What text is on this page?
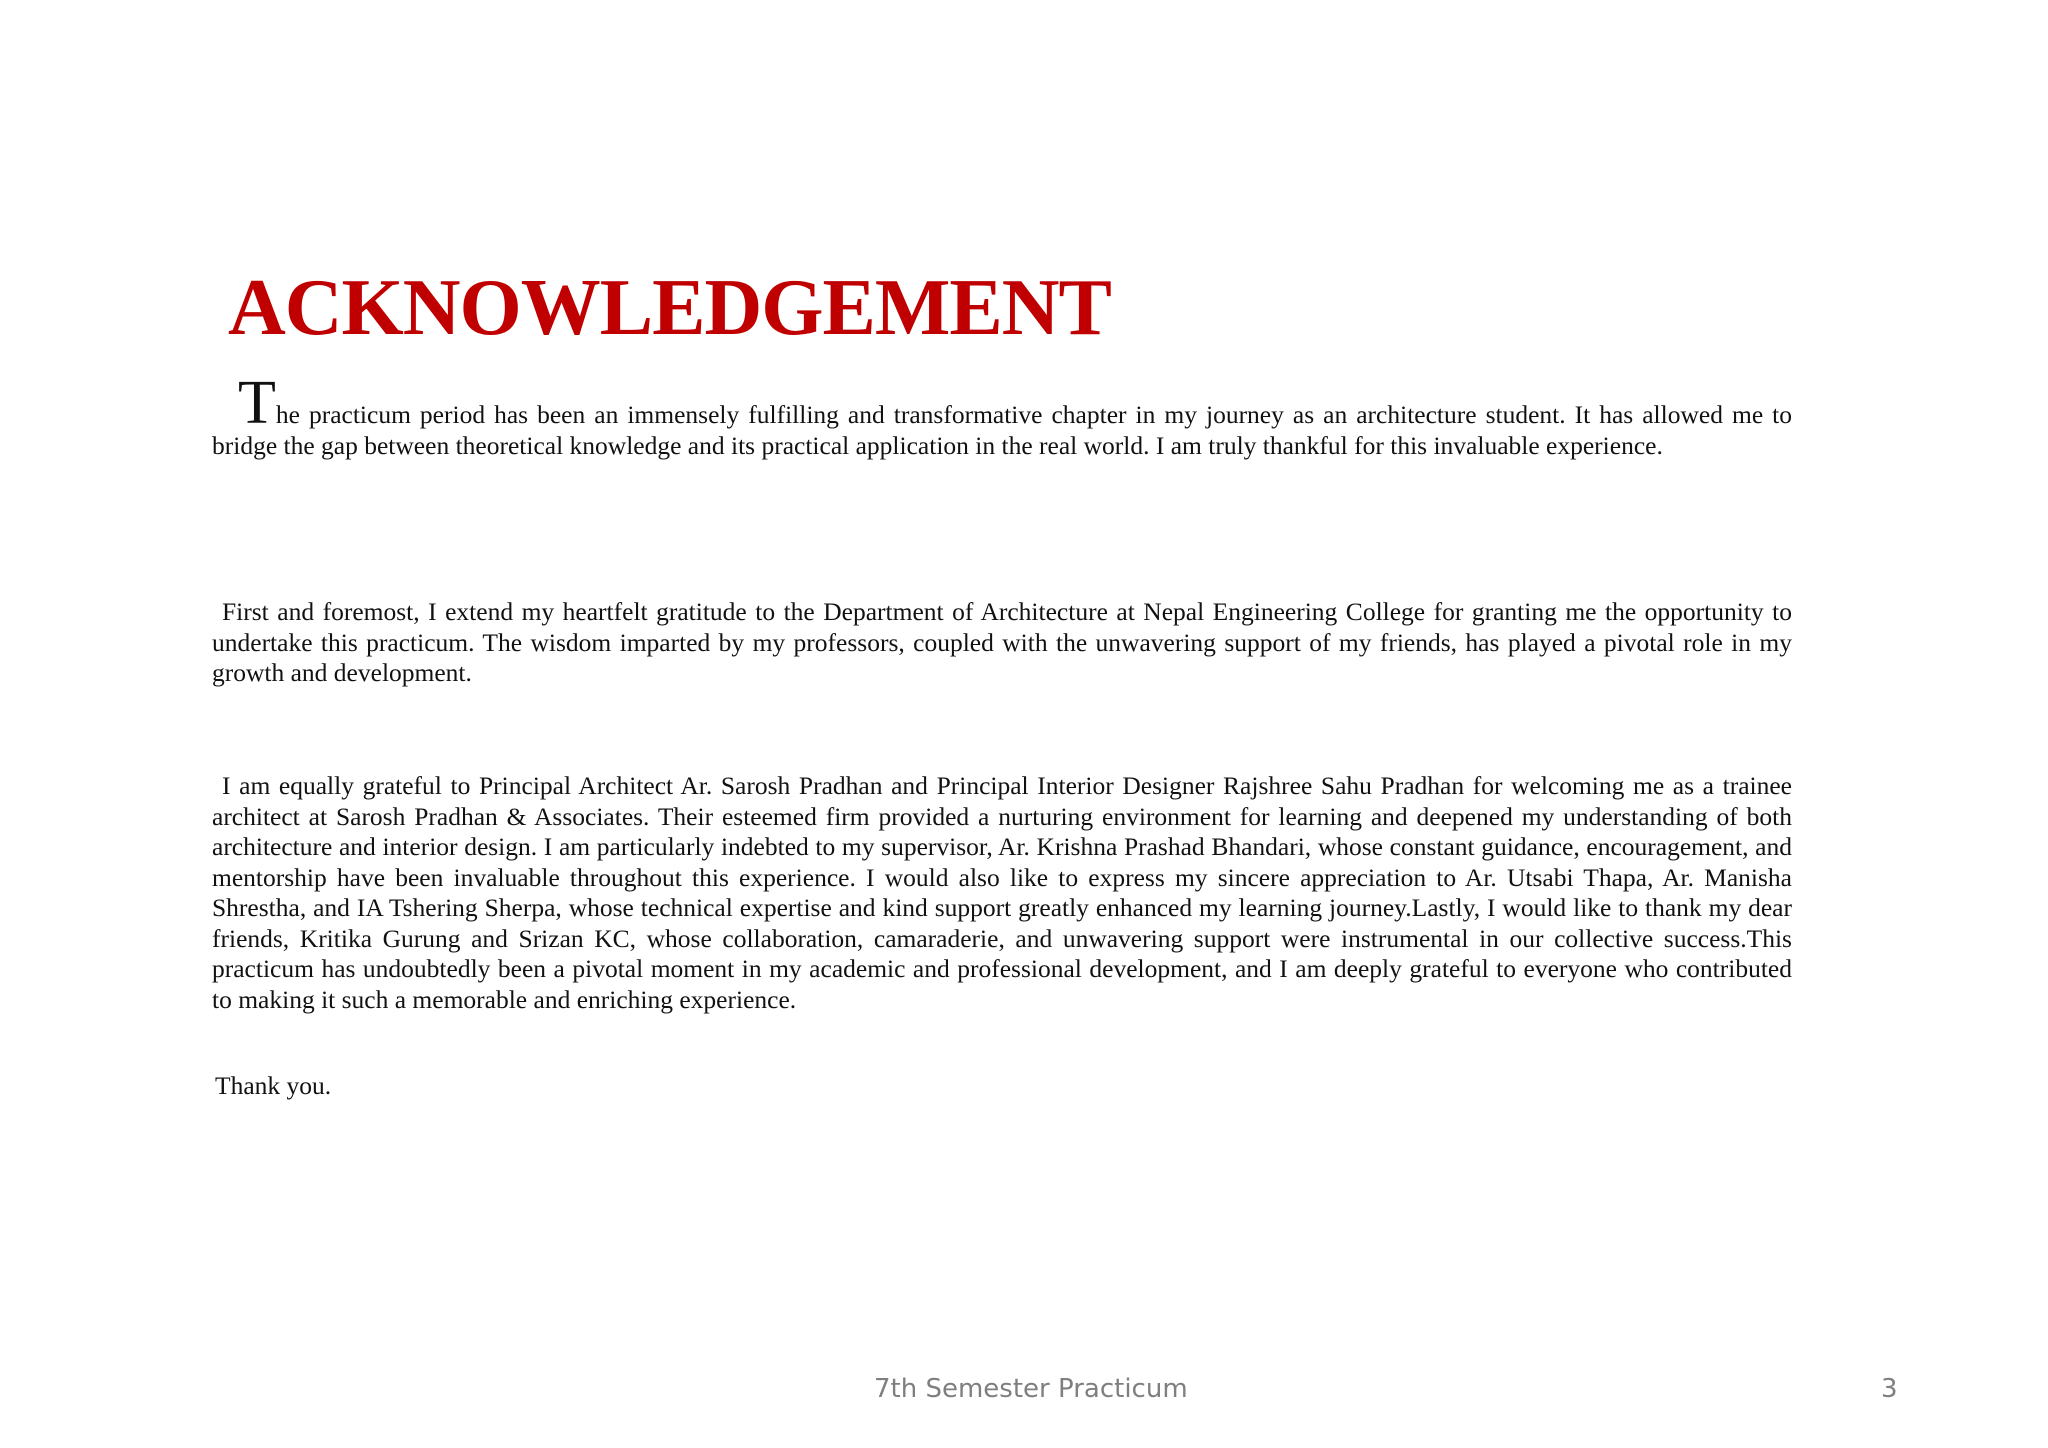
ACKNOWLEDGEMENT

The practicum period has been an immensely fulfilling and transformative chapter in my journey as an architecture student. It has allowed me to bridge the gap between theoretical knowledge and its practical application in the real world. I am truly thankful for this invaluable experience.

First and foremost, I extend my heartfelt gratitude to the Department of Architecture at Nepal Engineering College for granting me the opportunity to undertake this practicum. The wisdom imparted by my professors, coupled with the unwavering support of my friends, has played a pivotal role in my growth and development.

I am equally grateful to Principal Architect Ar. Sarosh Pradhan and Principal Interior Designer Rajshree Sahu Pradhan for welcoming me as a trainee architect at Sarosh Pradhan & Associates. Their esteemed firm provided a nurturing environment for learning and deepened my understanding of both architecture and interior design. I am particularly indebted to my supervisor, Ar. Krishna Prashad Bhandari, whose constant guidance, encouragement, and mentorship have been invaluable throughout this experience. I would also like to express my sincere appreciation to Ar. Utsabi Thapa, Ar. Manisha Shrestha, and IA Tshering Sherpa, whose technical expertise and kind support greatly enhanced my learning journey.Lastly, I would like to thank my dear friends, Kritika Gurung and Srizan KC, whose collaboration, camaraderie, and unwavering support were instrumental in our collective success.This practicum has undoubtedly been a pivotal moment in my academic and professional development, and I am deeply grateful to everyone who contributed to making it such a memorable and enriching experience.

Thank you.

7th Semester Practicum	3
